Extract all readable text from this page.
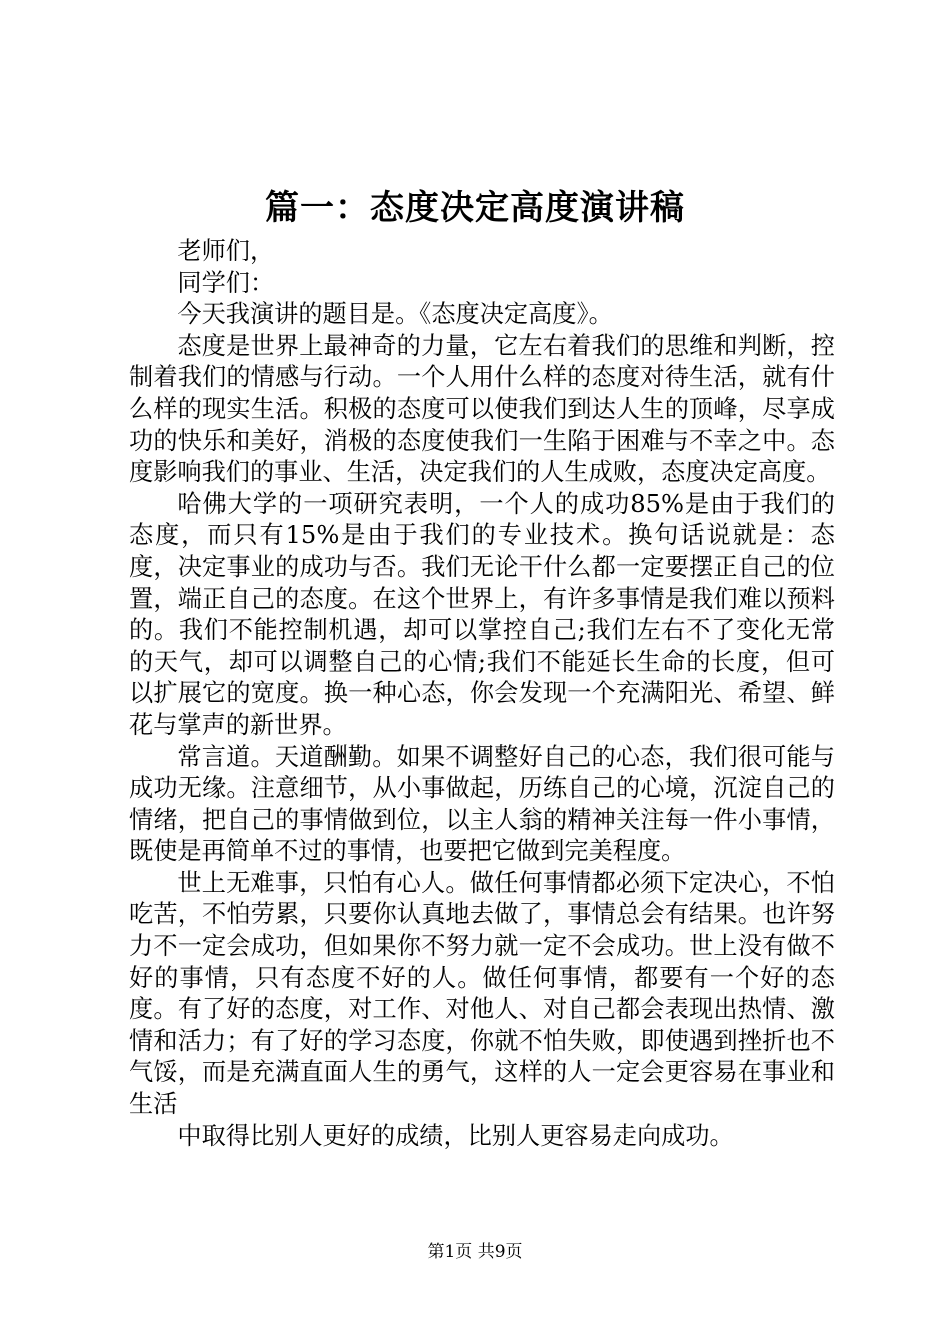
篇一：态度决定高度演讲稿

老师们，

同学们：

今天我演讲的题目是。《态度决定高度》。

态度是世界上最神奇的力量，它左右着我们的思维和判断，控制着我们的情感与行动。一个人用什么样的态度对待生活，就有什么样的现实生活。积极的态度可以使我们到达人生的顶峰，尽享成功的快乐和美好，消极的态度使我们一生陷于困难与不幸之中。态度影响我们的事业、生活，决定我们的人生成败，态度决定高度。

哈佛大学的一项研究表明，一个人的成功85%是由于我们的态度，而只有15%是由于我们的专业技术。换句话说就是：态度，决定事业的成功与否。我们无论干什么都一定要摆正自己的位置，端正自己的态度。在这个世界上，有许多事情是我们难以预料的。我们不能控制机遇，却可以掌控自己;我们左右不了变化无常的天气，却可以调整自己的心情;我们不能延长生命的长度，但可以扩展它的宽度。换一种心态，你会发现一个充满阳光、希望、鲜花与掌声的新世界。

常言道。天道酬勤。如果不调整好自己的心态，我们很可能与成功无缘。注意细节，从小事做起，历练自己的心境，沉淀自己的情绪，把自己的事情做到位，以主人翁的精神关注每一件小事情，既使是再简单不过的事情，也要把它做到完美程度。

世上无难事，只怕有心人。做任何事情都必须下定决心，不怕吃苦，不怕劳累，只要你认真地去做了，事情总会有结果。也许努力不一定会成功，但如果你不努力就一定不会成功。世上没有做不好的事情，只有态度不好的人。做任何事情，都要有一个好的态度。有了好的态度，对工作、对他人、对自己都会表现出热情、激情和活力；有了好的学习态度，你就不怕失败，即使遇到挫折也不气馁，而是充满直面人生的勇气，这样的人一定会更容易在事业和生活

中取得比别人更好的成绩，比别人更容易走向成功。

第1页 共9页
